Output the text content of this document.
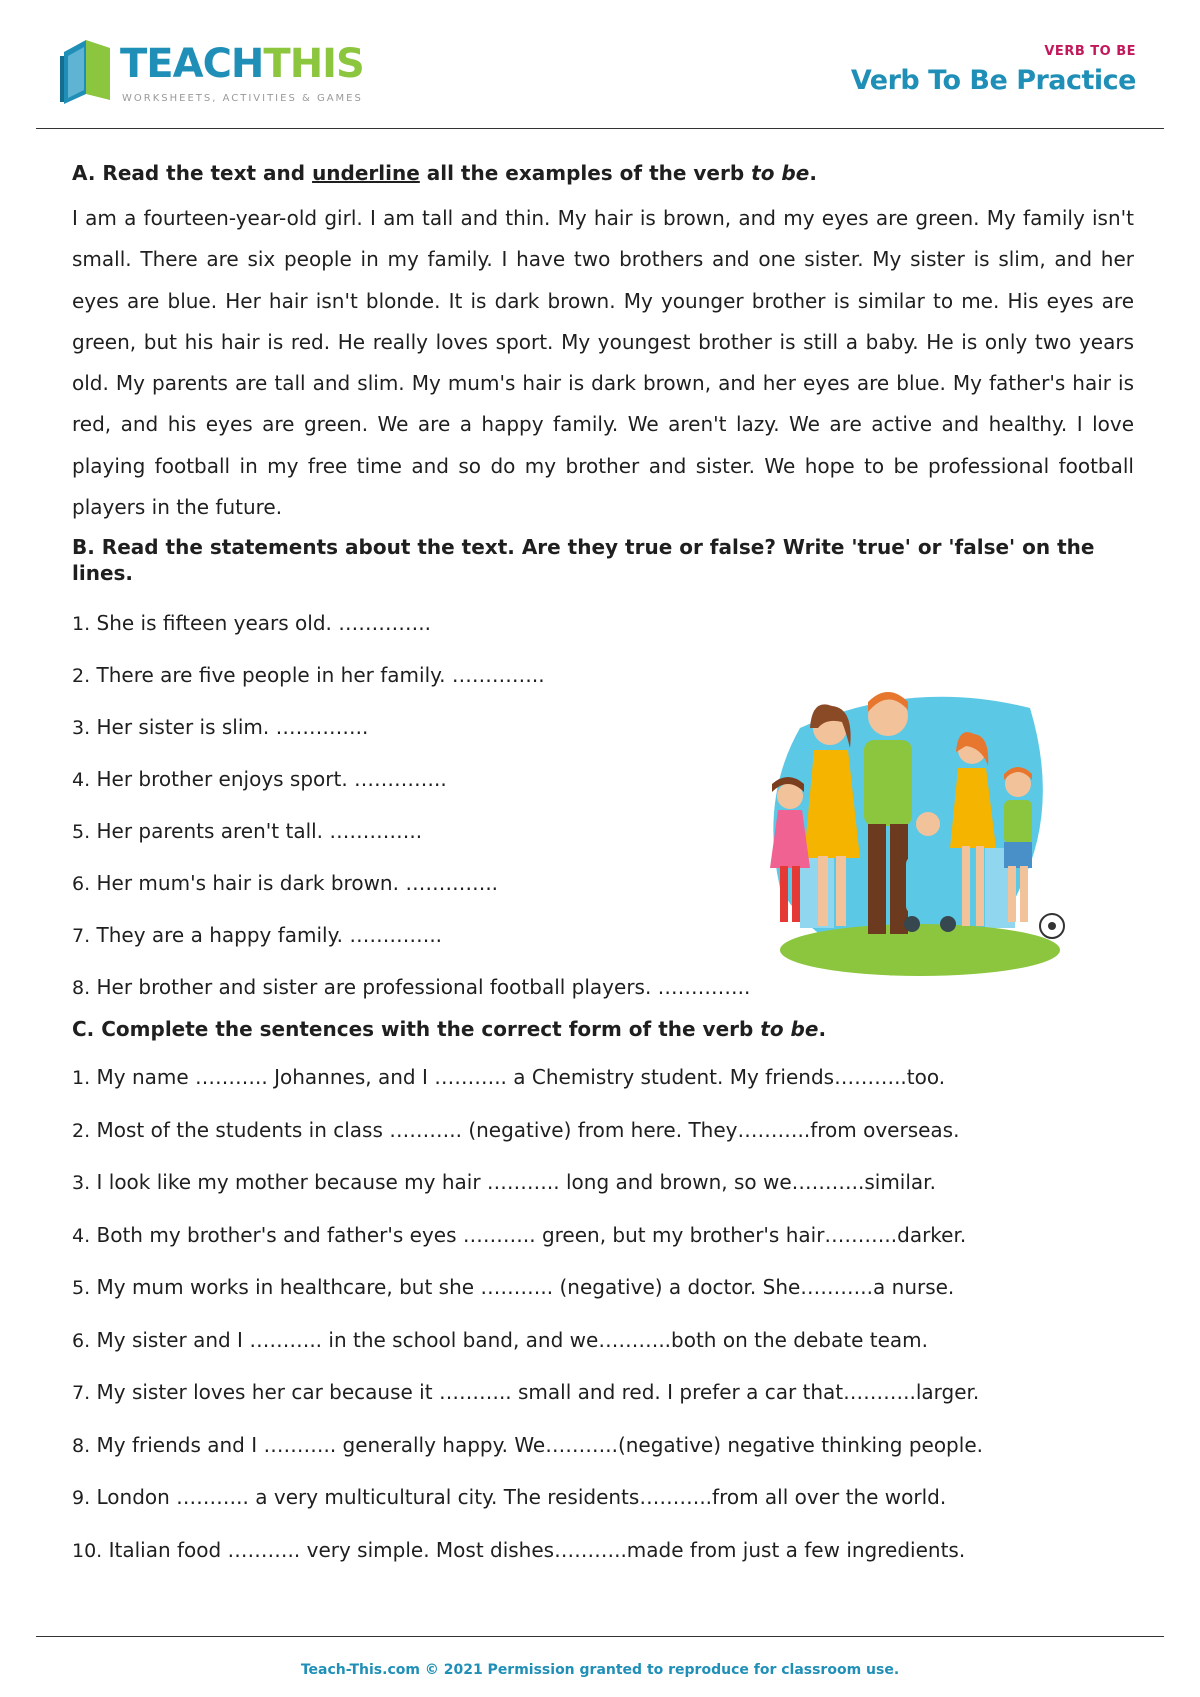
TEACHTHIS
WORKSHEETS, ACTIVITIES & GAMES
VERB TO BE
Verb To Be Practice
A. Read the text and underline all the examples of the verb to be.
I am a fourteen-year-old girl. I am tall and thin. My hair is brown, and my eyes are green. My family isn't small. There are six people in my family. I have two brothers and one sister. My sister is slim, and her eyes are blue. Her hair isn't blonde. It is dark brown. My younger brother is similar to me. His eyes are green, but his hair is red. He really loves sport. My youngest brother is still a baby. He is only two years old. My parents are tall and slim. My mum's hair is dark brown, and her eyes are blue. My father's hair is red, and his eyes are green. We are a happy family. We aren't lazy. We are active and healthy. I love playing football in my free time and so do my brother and sister. We hope to be professional football players in the future.
B. Read the statements about the text. Are they true or false? Write 'true' or 'false' on the lines.
1. She is fifteen years old. …………..
2. There are five people in her family. …………..
3. Her sister is slim. …………..
4. Her brother enjoys sport. …………..
5. Her parents aren't tall. …………..
6. Her mum's hair is dark brown. …………..
7. They are a happy family. …………..
8. Her brother and sister are professional football players. …………..
C. Complete the sentences with the correct form of the verb to be.
1. My name ……….. Johannes, and I ……….. a Chemistry student. My friends………..too.
2. Most of the students in class ……….. (negative) from here. They………..from overseas.
3. I look like my mother because my hair ……….. long and brown, so we………..similar.
4. Both my brother's and father's eyes ……….. green, but my brother's hair………..darker.
5. My mum works in healthcare, but she ……….. (negative) a doctor. She………..a nurse.
6. My sister and I ……….. in the school band, and we………..both on the debate team.
7. My sister loves her car because it ……….. small and red. I prefer a car that………..larger.
8. My friends and I ……….. generally happy. We………..(negative) negative thinking people.
9. London ……….. a very multicultural city. The residents………..from all over the world.
10. Italian food ……….. very simple. Most dishes………..made from just a few ingredients.
Teach-This.com © 2021 Permission granted to reproduce for classroom use.
